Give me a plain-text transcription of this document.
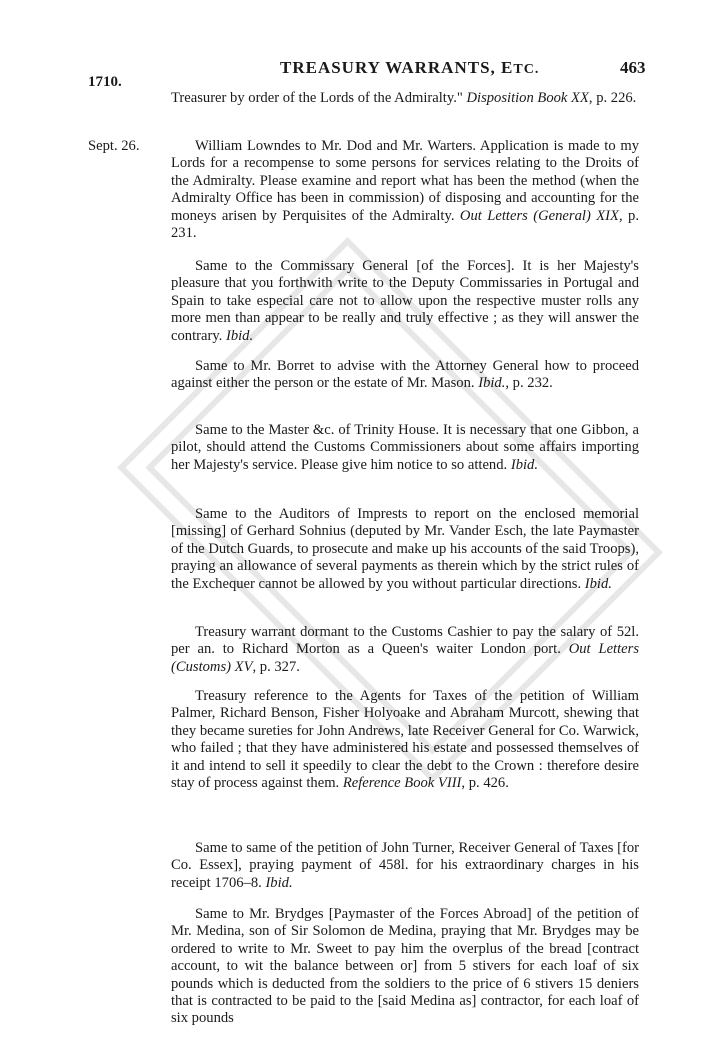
TREASURY WARRANTS, ETC.	463
1710.

Treasurer by order of the Lords of the Admiralty." Disposition Book XX, p. 226.

Sept. 26.	William Lowndes to Mr. Dod and Mr. Warters. Application is made to my Lords for a recompense to some persons for services relating to the Droits of the Admiralty. Please examine and report what has been the method (when the Admiralty Office has been in commission) of disposing and accounting for the moneys arisen by Perquisites of the Admiralty. Out Letters (General) XIX, p. 231.

Same to the Commissary General [of the Forces]. It is her Majesty's pleasure that you forthwith write to the Deputy Commissaries in Portugal and Spain to take especial care not to allow upon the respective muster rolls any more men than appear to be really and truly effective ; as they will answer the contrary. Ibid.

Same to Mr. Borret to advise with the Attorney General how to proceed against either the person or the estate of Mr. Mason. Ibid., p. 232.

Same to the Master &c. of Trinity House. It is necessary that one Gibbon, a pilot, should attend the Customs Commissioners about some affairs importing her Majesty's service. Please give him notice to so attend. Ibid.

Same to the Auditors of Imprests to report on the enclosed memorial [missing] of Gerhard Sohnius (deputed by Mr. Vander Esch, the late Paymaster of the Dutch Guards, to prosecute and make up his accounts of the said Troops), praying an allowance of several payments as therein which by the strict rules of the Exchequer cannot be allowed by you without particular directions. Ibid.

Treasury warrant dormant to the Customs Cashier to pay the salary of 52l. per an. to Richard Morton as a Queen's waiter London port. Out Letters (Customs) XV, p. 327.

Treasury reference to the Agents for Taxes of the petition of William Palmer, Richard Benson, Fisher Holyoake and Abraham Murcott, shewing that they became sureties for John Andrews, late Receiver General for Co. Warwick, who failed ; that they have administered his estate and possessed themselves of it and intend to sell it speedily to clear the debt to the Crown : therefore desire stay of process against them. Reference Book VIII, p. 426.

Same to same of the petition of John Turner, Receiver General of Taxes [for Co. Essex], praying payment of 458l. for his extraordinary charges in his receipt 1706–8. Ibid.

Same to Mr. Brydges [Paymaster of the Forces Abroad] of the petition of Mr. Medina, son of Sir Solomon de Medina, praying that Mr. Brydges may be ordered to write to Mr. Sweet to pay him the overplus of the bread [contract account, to wit the balance between or] from 5 stivers for each loaf of six pounds which is deducted from the soldiers to the price of 6 stivers 15 deniers that is contracted to be paid to the [said Medina as] contractor, for each loaf of six pounds
